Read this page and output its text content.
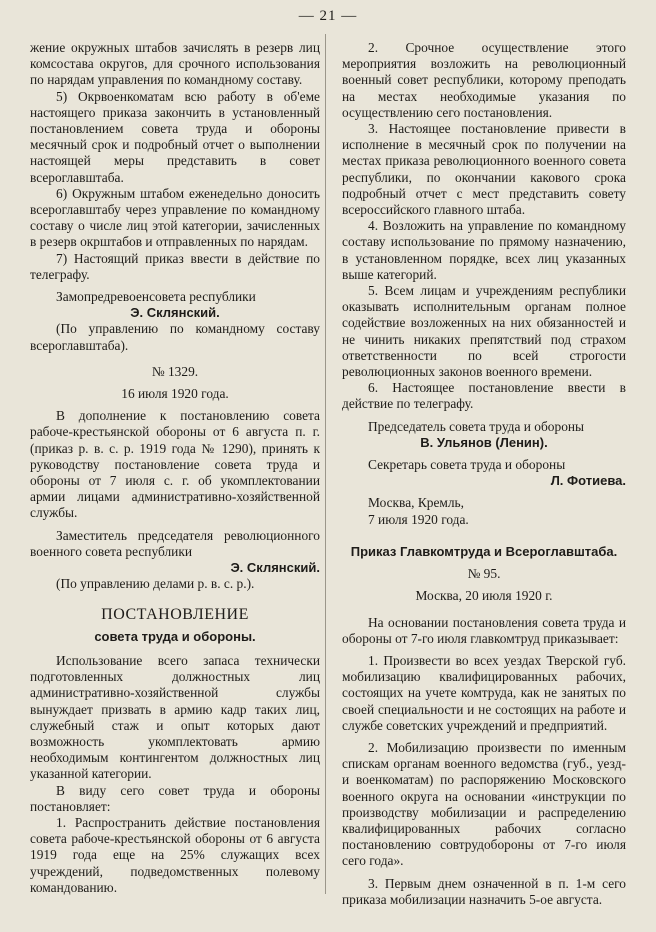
— 21 —

жение окружных штабов зачислять в резерв лиц комсостава округов, для срочного использования по нарядам управления по командному составу.

5) Окрвоенкоматам всю работу в об'еме настоящего приказа закончить в установленный постановлением совета труда и обороны месячный срок и подробный отчет о выполнении настоящей меры представить в совет всероглавштаба.

6) Окружным штабом еженедельно доносить всероглавштабу через управление по командному составу о числе лиц этой категории, зачисленных в резерв окрштабов и отправленных по нарядам.

7) Настоящий приказ ввести в действие по телеграфу.

Замопредревоенсовета республики

Э. Склянский.

(По управлению по командному составу всероглавштаба).

№ 1329.

16 июля 1920 года.

В дополнение к постановлению совета рабоче-крестьянской обороны от 6 августа п. г. (приказ р. в. с. р. 1919 года № 1290), принять к руководству постановление совета труда и обороны от 7 июля с. г. об укомплектовании армии лицами административно-хозяйственной службы.

Заместитель председателя революционного военного совета республики

Э. Склянский.

(По управлению делами р. в. с. р.).

ПОСТАНОВЛЕНИЕ
совета труда и обороны.

Использование всего запаса технически подготовленных должностных лиц административно-хозяйственной службы вынуждает призвать в армию кадр таких лиц, служебный стаж и опыт которых дают возможность укомплектовать армию необходимым контингентом должностных лиц указанной категории.

В виду сего совет труда и обороны постановляет:

1. Распространить действие постановления совета рабоче-крестьянской обороны от 6 августа 1919 года еще на 25% служащих всех учреждений, подведомственных полевому командованию.

2. Срочное осуществление этого мероприятия возложить на революционный военный совет республики, которому преподать на местах необходимые указания по осуществлению сего постановления.

3. Настоящее постановление привести в исполнение в месячный срок по получении на местах приказа революционного военного совета республики, по окончании какового срока подробный отчет с мест представить совету всероссийского главного штаба.

4. Возложить на управление по командному составу использование по прямому назначению, в установленном порядке, всех лиц указанных выше категорий.

5. Всем лицам и учреждениям республики оказывать исполнительным органам полное содействие возложенных на них обязанностей и не чинить никаких препятствий под страхом ответственности по всей строгости революционных законов военного времени.

6. Настоящее постановление ввести в действие по телеграфу.

Председатель совета труда и обороны

В. Ульянов (Ленин).

Секретарь совета труда и обороны

Л. Фотиева.

Москва, Кремль,

7 июля 1920 года.

Приказ Главкомтруда и Всероглавштаба.

№ 95.

Москва, 20 июля 1920 г.

На основании постановления совета труда и обороны от 7-го июля главкомтруд приказывает:

1. Произвести во всех уездах Тверской губ. мобилизацию квалифицированных рабочих, состоящих на учете комтруда, как не занятых по своей специальности и не состоящих на работе и службе советских учреждений и предприятий.

2. Мобилизацию произвести по именным спискам органам военного ведомства (губ., уезд- и военкоматам) по распоряжению Московского военного округа на основании «инструкции по производству мобилизации и распределению квалифицированных рабочих согласно постановлению совтрудобороны от 7-го июля сего года».

3. Первым днем означенной в п. 1-м сего приказа мобилизации назначить 5-ое августа.
